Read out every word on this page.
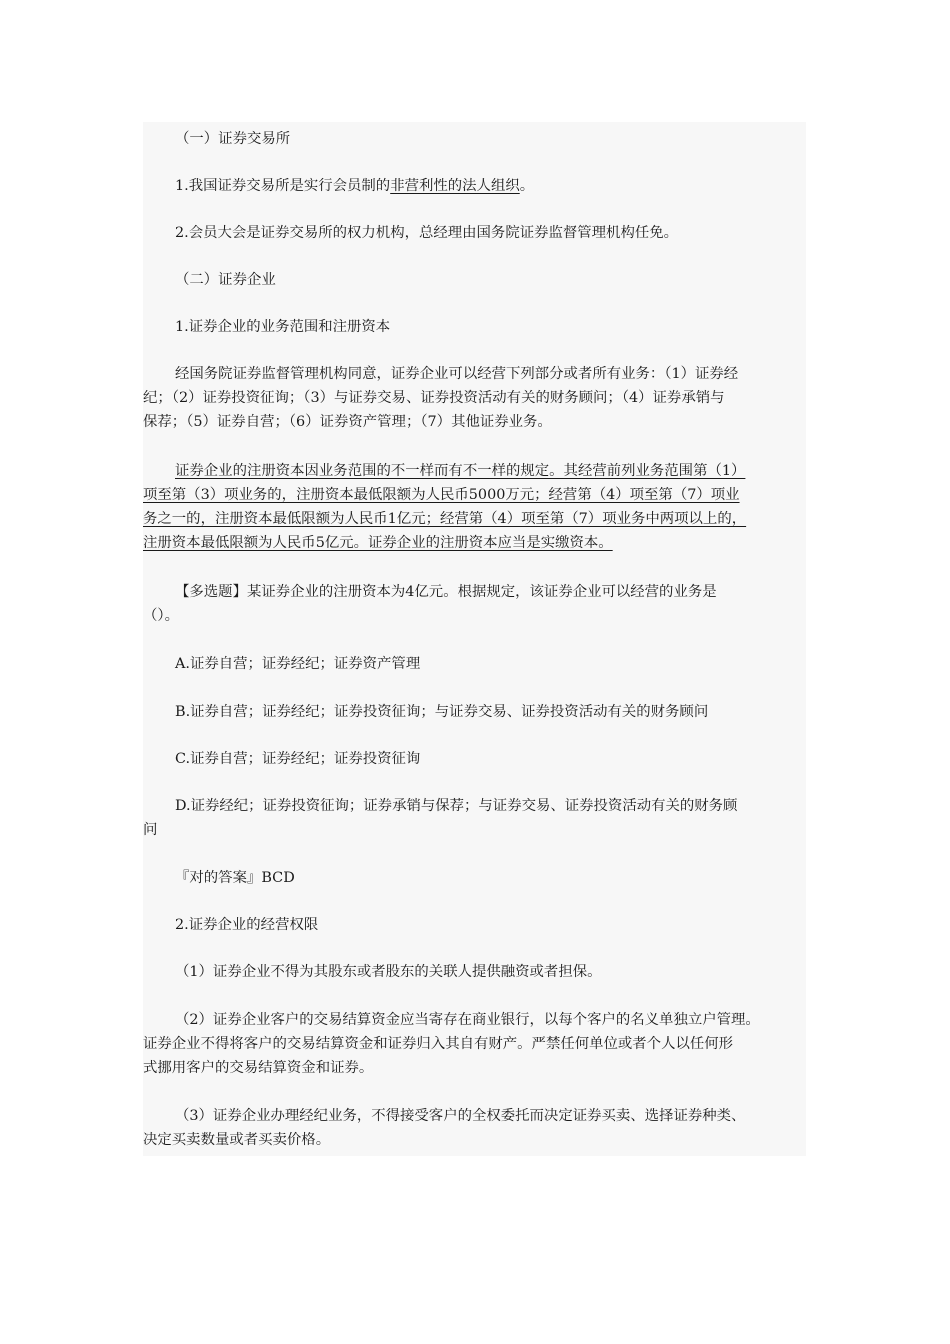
（一）证券交易所

1.我国证券交易所是实行会员制的非营利性的法人组织。

2.会员大会是证券交易所的权力机构，总经理由国务院证券监督管理机构任免。

（二）证券企业

1.证券企业的业务范围和注册资本

经国务院证券监督管理机构同意，证券企业可以经营下列部分或者所有业务：（1）证券经
纪；（2）证券投资征询；（3）与证券交易、证券投资活动有关的财务顾问；（4）证券承销与
保荐；（5）证券自营；（6）证券资产管理；（7）其他证券业务。
证券企业的注册资本因业务范围的不一样而有不一样的规定。其经营前列业务范围第（1）
项至第（3）项业务的，注册资本最低限额为人民币5000万元；经营第（4）项至第（7）项业
务之一的，注册资本最低限额为人民币1亿元；经营第（4）项至第（7）项业务中两项以上的，
注册资本最低限额为人民币5亿元。证券企业的注册资本应当是实缴资本。
【多选题】某证券企业的注册资本为4亿元。根据规定，该证券企业可以经营的业务是
（）。

A.证券自营；证券经纪；证券资产管理

B.证券自营；证券经纪；证券投资征询；与证券交易、证券投资活动有关的财务顾问

C.证券自营；证券经纪；证券投资征询

D.证券经纪；证券投资征询；证券承销与保荐；与证券交易、证券投资活动有关的财务顾
问

『对的答案』BCD

2.证券企业的经营权限

（1）证券企业不得为其股东或者股东的关联人提供融资或者担保。

（2）证券企业客户的交易结算资金应当寄存在商业银行，以每个客户的名义单独立户管理。
证券企业不得将客户的交易结算资金和证券归入其自有财产。严禁任何单位或者个人以任何形
式挪用客户的交易结算资金和证券。
（3）证券企业办理经纪业务，不得接受客户的全权委托而决定证券买卖、选择证券种类、
决定买卖数量或者买卖价格。
